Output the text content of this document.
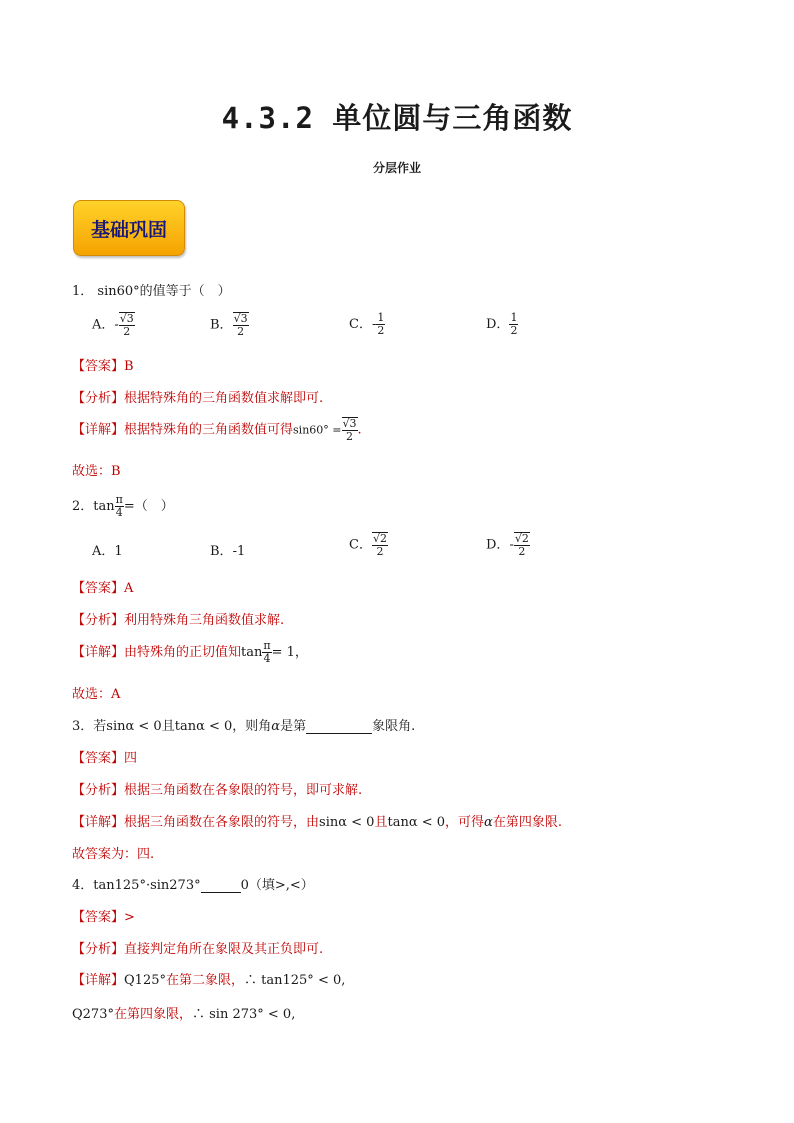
4.3.2 单位圆与三角函数
分层作业
基础巩固
1． sin60°的值等于（　）
A．- $\frac{√3}{2}$	B． $\frac{√3}{2}$	C．- $\frac{1}{2}$	D． $\frac{1}{2}$
【答案】B
【分析】根据特殊角的三角函数值求解即可.
【详解】根据特殊角的三角函数值可得$\sin 60^\circ = \frac{√3}{2}$ .
故选：B
2．$\tan \frac{\pi}{4}$ =（　）
A．1	B．-1	C． $\frac{√2}{2}$	D．- $\frac{√2}{2}$
【答案】A
【分析】利用特殊角三角函数值求解.
【详解】由特殊角的正切值知$\tan \frac{\pi}{4} = 1$，
故选：A
3．若sinα < 0且tanα < 0，则角α是第	象限角.
【答案】四
【分析】根据三角函数在各象限的符号，即可求解.
【详解】根据三角函数在各象限的符号，由sinα < 0且tanα < 0，可得α在第四象限.
故答案为：四.
4．tan125°·sin273°	0（填>,<）
【答案】>
【分析】直接判定角所在象限及其正负即可.
【详解】Q125°在第二象限，∴ tan125° < 0,
Q273°在第四象限，∴ sin 273° < 0,
